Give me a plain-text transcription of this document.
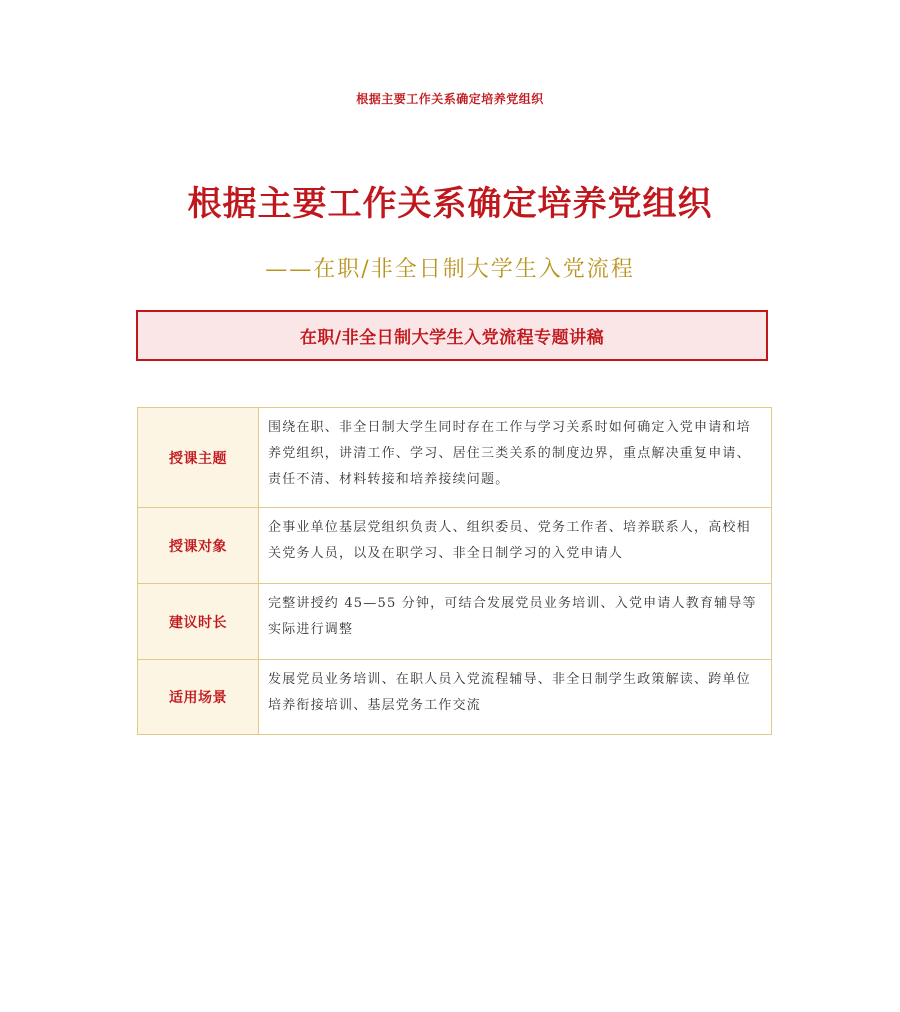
根据主要工作关系确定培养党组织
根据主要工作关系确定培养党组织
——在职/非全日制大学生入党流程
在职/非全日制大学生入党流程专题讲稿
授课主题	围绕在职、非全日制大学生同时存在工作与学习关系时如何确定入党申请和培养党组织，讲清工作、学习、居住三类关系的制度边界，重点解决重复申请、责任不清、材料转接和培养接续问题。
授课对象	企事业单位基层党组织负责人、组织委员、党务工作者、培养联系人，高校相关党务人员，以及在职学习、非全日制学习的入党申请人
建议时长	完整讲授约 45—55 分钟，可结合发展党员业务培训、入党申请人教育辅导等实际进行调整
适用场景	发展党员业务培训、在职人员入党流程辅导、非全日制学生政策解读、跨单位培养衔接培训、基层党务工作交流
